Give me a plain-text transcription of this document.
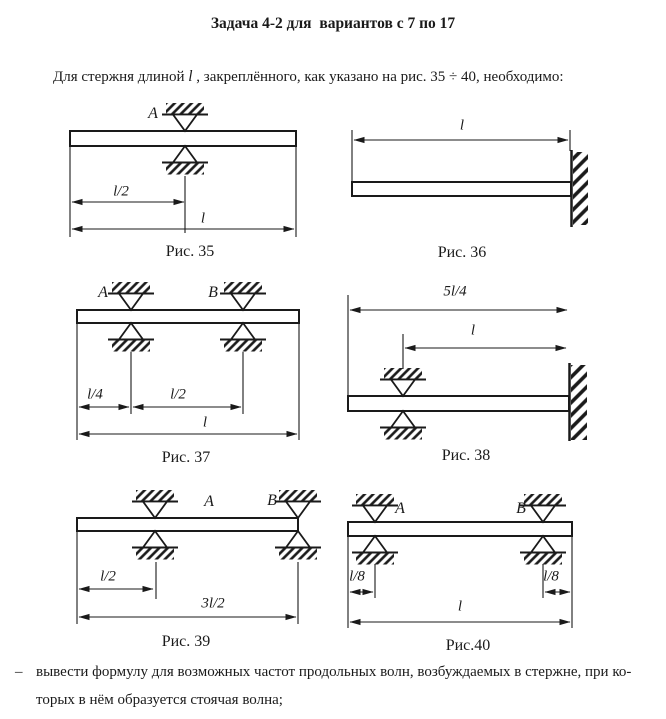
Задача 4-2 для  вариантов с 7 по 17

Для стержня длиной l , закреплённого, как указано на рис. 35 ÷ 40, необходимо:

A
l/2
l
Рис. 35
l
Рис. 36
A	B
l/4	l/2
l
Рис. 37
5l/4
l
Рис. 38
A	B
l/2
3l/2
Рис. 39
A	B
l/8	l/8
l
Рис.40
– вывести формулу для возможных частот продольных волн, возбуждаемых в стержне, при ко-
торых в нём образуется стоячая волна;
